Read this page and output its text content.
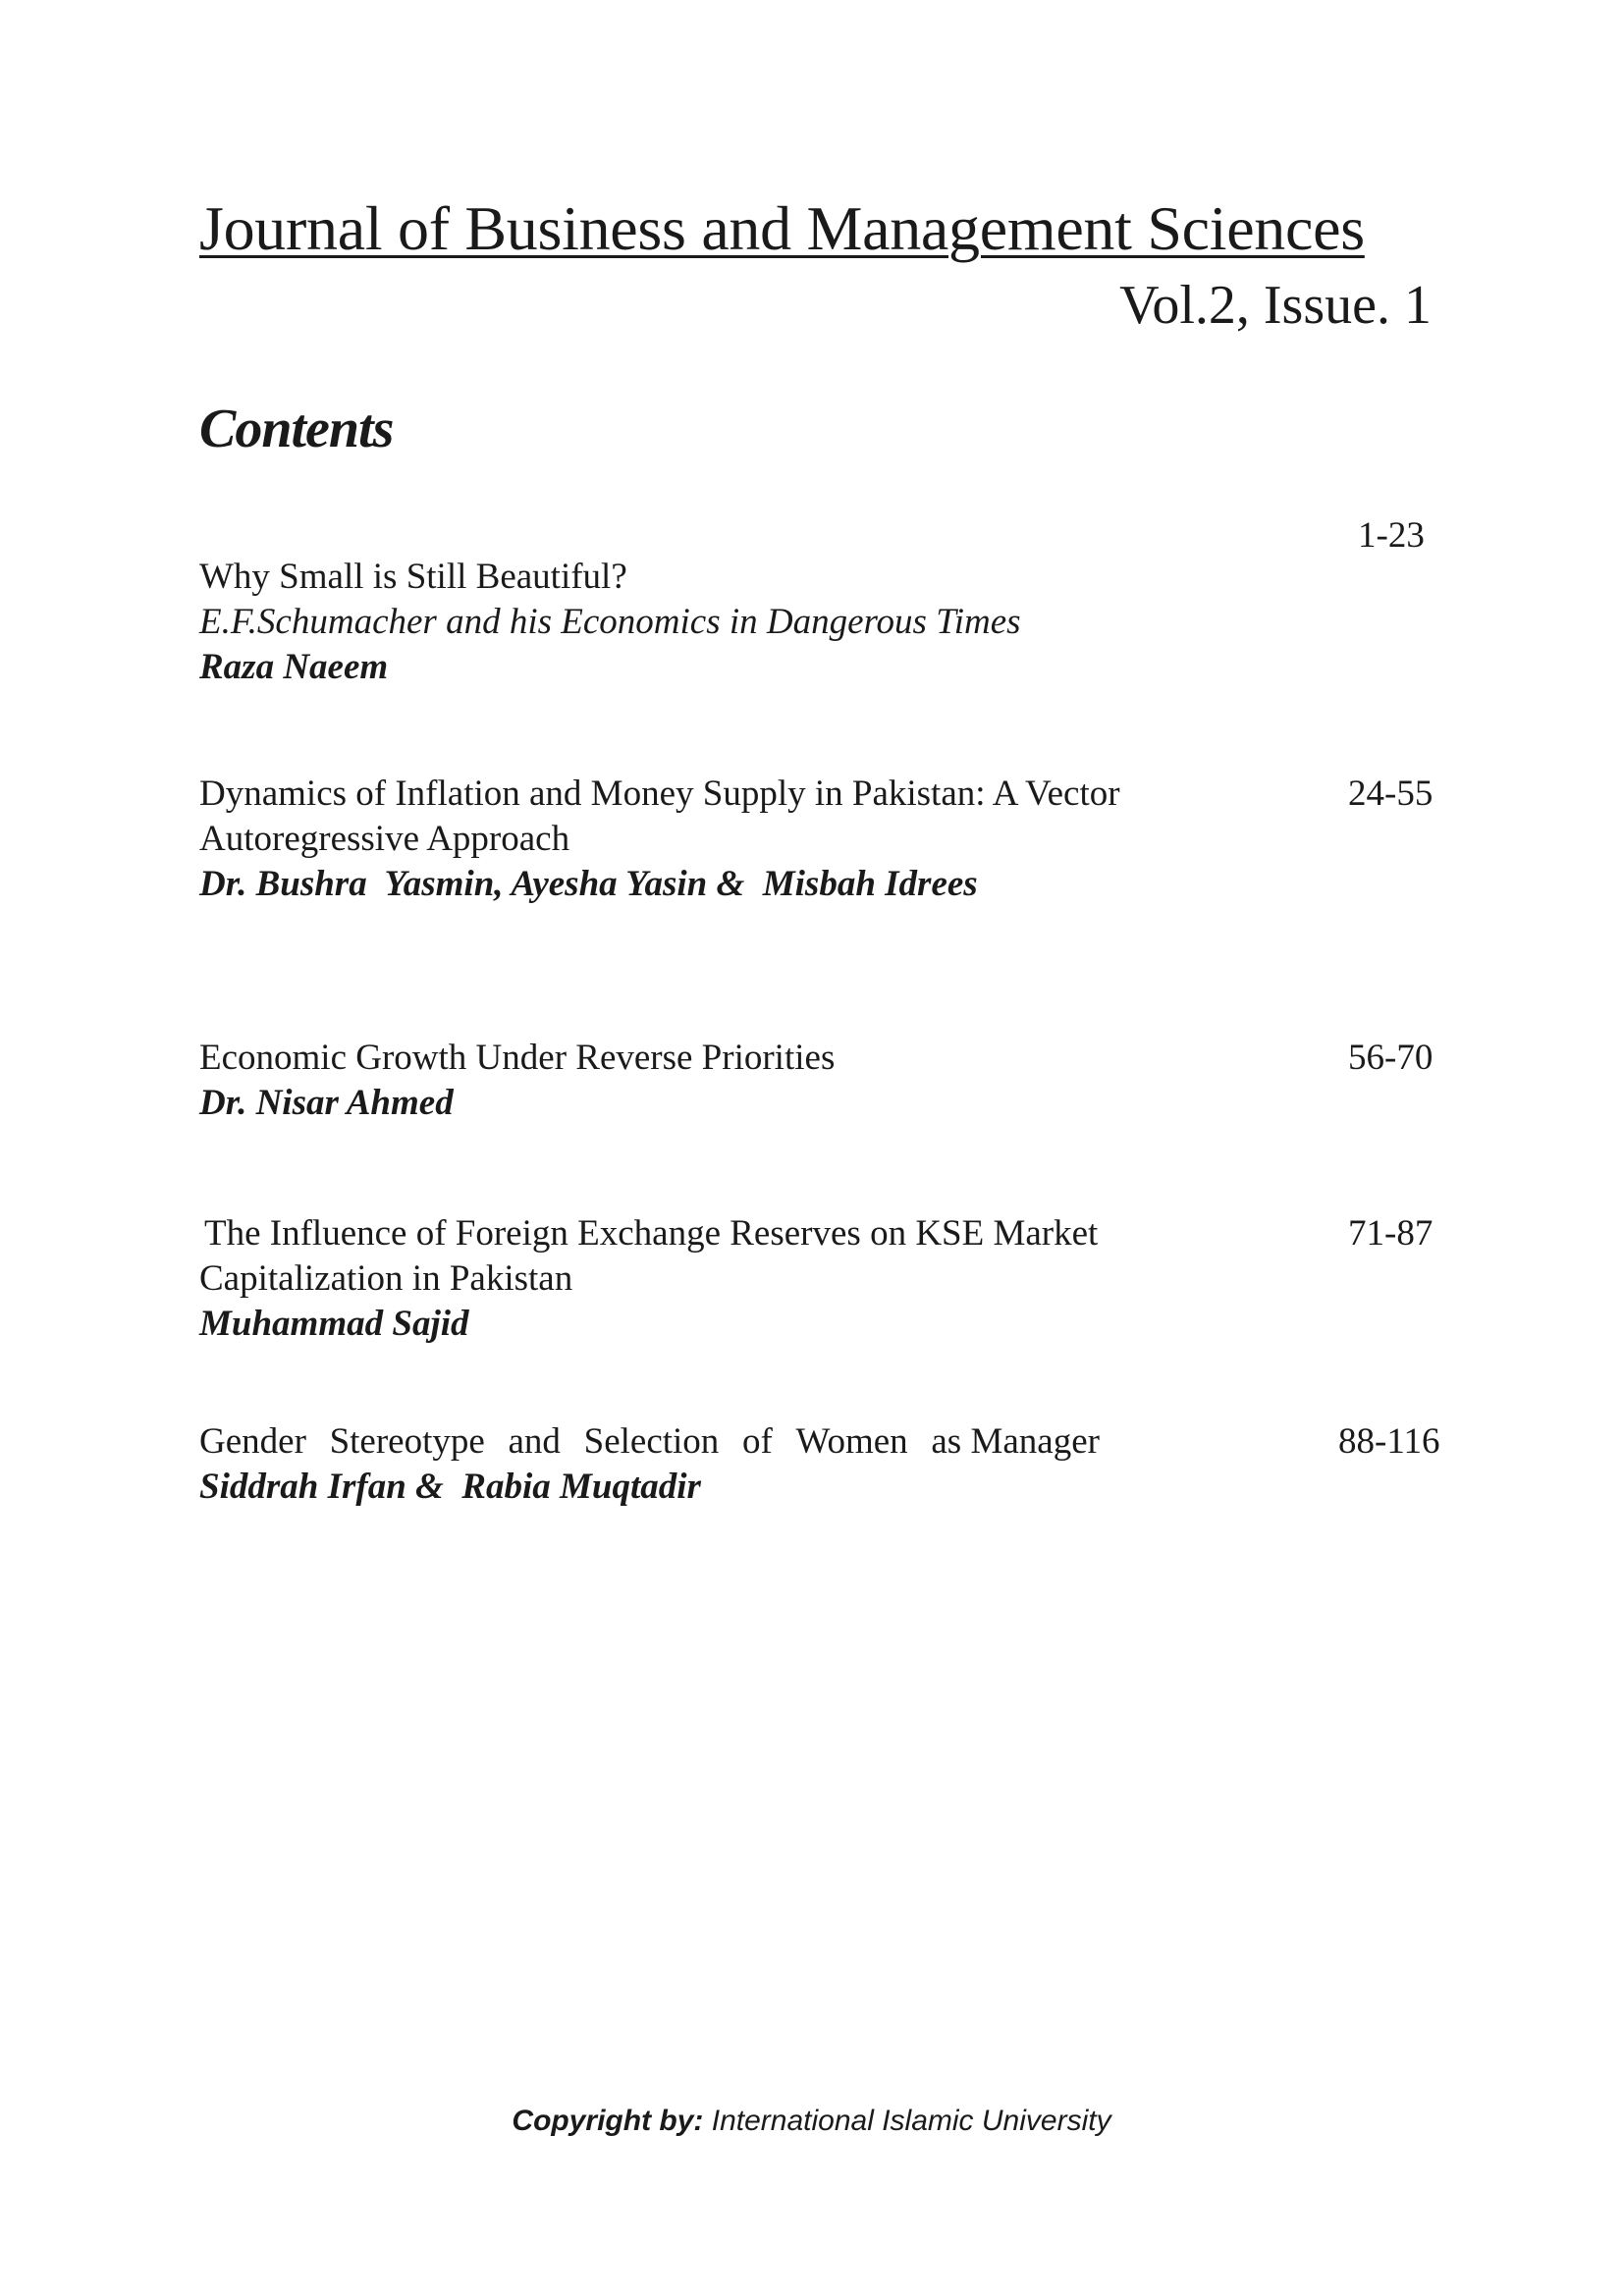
Journal of Business and Management Sciences
Vol.2, Issue. 1
Contents
Why Small is Still Beautiful?
E.F.Schumacher and his Economics in Dangerous Times
Raza Naeem
1-23
Dynamics of Inflation and Money Supply in Pakistan: A Vector
Autoregressive Approach
Dr. Bushra  Yasmin, Ayesha Yasin &  Misbah Idrees
24-55
Economic Growth Under Reverse Priorities
Dr. Nisar Ahmed
56-70
The Influence of Foreign Exchange Reserves on KSE Market
Capitalization in Pakistan
Muhammad Sajid
71-87
Gender Stereotype and Selection of Women as Manager
Siddrah Irfan &  Rabia Muqtadir
88-116
Copyright by: International Islamic University
